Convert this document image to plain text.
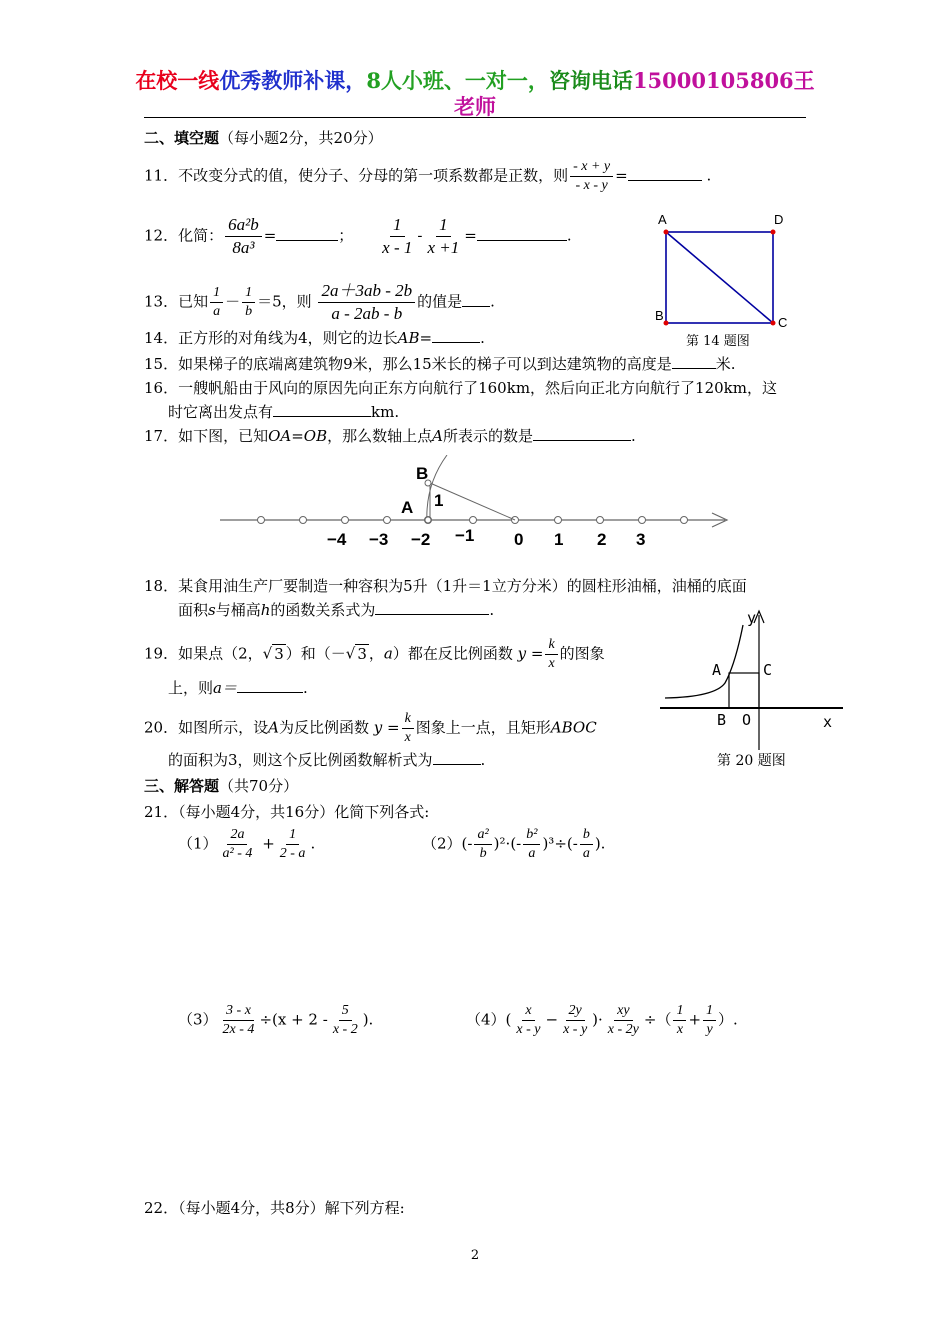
在校一线优秀教师补课，8人小班、一对一，咨询电话15000105806王
老师
二、填空题（每小题2分，共20分）
11．不改变分式的值，使分子、分母的第一项系数都是正数，则 $\frac{- x + y}{- x - y}$ =	.
12．化简： $\frac{\text{6a²b}}{\text{8a³}}$ =	； $\frac{1}{x - 1} - \frac{1}{x +1}$ =	.
13．已知 $\frac{1}{a} - \frac{1}{b} =5$，则 $\frac{2a+3ab - 2b}{a - 2ab - b}$ 的值是 .
A	D
B	C
第 14 题图
14．正方形的对角线为4，则它的边长AB=	.
15．如果梯子的底端离建筑物9米，那么15米长的梯子可以到达建筑物的高度是	米.
16．一艘帆船由于风向的原因先向正东方向航行了160km，然后向正北方向航行了120km，这
时它离出发点有	km.
17．如下图，已知OA=OB，那么数轴上点A所表示的数是	.
B
A 1
−4 −3 −2 −1 0 1 2 3
18．某食用油生产厂要制造一种容积为5升（1升＝1立方分米）的圆柱形油桶，油桶的底面
面积s与桶高h的函数关系式为	.
19．如果点（2，√ 3 ）和（－√ 3 ，a）都在反比例函数 $y = \frac{k}{x}$ 的图象
上，则a＝	.
y
A	C
B O	x
第 20 题图
20．如图所示，设A为反比例函数 $y = \frac{k}{x}$ 图象上一点，且矩形ABOC
的面积为3，则这个反比例函数解析式为	.
三、解答题（共70分）
21．（每小题4分，共16分）化简下列各式:
$(1) \frac{2a}{\text{a² - 4}} + \frac{1}{2 - a}$ .	$(2)(- \frac{\text{a²}}{b} )^2\cdot(- \frac{\text{b²}}{a} )^3\div(- \frac{b}{a}$ ).
$(3) \frac{3 - x}{2x - 4} \div(x + 2 - \frac{5}{x - 2}$ ).	$(4)( \frac{x}{x - y} - \frac{2y}{x - y}$ )· $\frac{xy}{x - 2y}$ ÷（ $\frac{1}{x} + \frac{1}{y}$ ）.
22．（每小题4分，共8分）解下列方程:
2
